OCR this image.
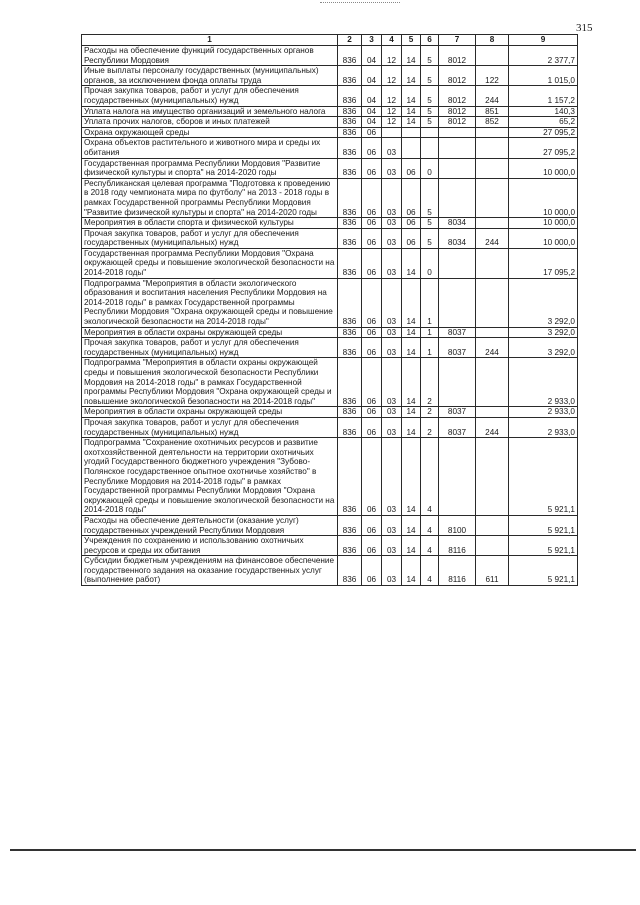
315
1	2	3	4	5	6	7	8	9
Расходы на обеспечение функций государственных органов Республики Мордовия	836	04	12	14	5	8012		2 377,7
Иные выплаты персоналу государственных (муниципальных) органов, за исключением фонда оплаты труда	836	04	12	14	5	8012	122	1 015,0
Прочая закупка товаров, работ и услуг для обеспечения государственных (муниципальных) нужд	836	04	12	14	5	8012	244	1 157,2
Уплата налога на имущество организаций и земельного налога	836	04	12	14	5	8012	851	140,3
Уплата прочих налогов, сборов и иных платежей	836	04	12	14	5	8012	852	65,2
Охрана окружающей среды	836	06						27 095,2
Охрана объектов растительного и животного мира и среды их обитания	836	06	03					27 095,2
Государственная программа Республики Мордовия "Развитие физической культуры и спорта" на 2014-2020 годы	836	06	03	06	0			10 000,0
Республиканская целевая программа "Подготовка к проведению в 2018 году чемпионата мира по футболу" на 2013 - 2018 годы в рамках Государственной программы Республики Мордовия "Развитие физической культуры и спорта" на 2014-2020 годы	836	06	03	06	5			10 000,0
Мероприятия в области спорта и физической культуры	836	06	03	06	5	8034		10 000,0
Прочая закупка товаров, работ и услуг для обеспечения государственных (муниципальных) нужд	836	06	03	06	5	8034	244	10 000,0
Государственная программа Республики Мордовия "Охрана окружающей среды и повышение экологической безопасности на 2014-2018 годы"	836	06	03	14	0			17 095,2
Подпрограмма "Мероприятия в области экологического образования и воспитания населения Республики Мордовия на 2014-2018 годы" в рамках Государственной программы Республики Мордовия "Охрана окружающей среды и повышение экологической безопасности на 2014-2018 годы"	836	06	03	14	1			3 292,0
Мероприятия в области охраны окружающей среды	836	06	03	14	1	8037		3 292,0
Прочая закупка товаров, работ и услуг для обеспечения государственных (муниципальных) нужд	836	06	03	14	1	8037	244	3 292,0
Подпрограмма "Мероприятия в области охраны окружающей среды и повышения экологической безопасности Республики Мордовия на 2014-2018 годы" в рамках Государственной программы Республики Мордовия "Охрана окружающей среды и повышение экологической безопасности на 2014-2018 годы"	836	06	03	14	2			2 933,0
Мероприятия в области охраны окружающей среды	836	06	03	14	2	8037		2 933,0
Прочая закупка товаров, работ и услуг для обеспечения государственных (муниципальных) нужд	836	06	03	14	2	8037	244	2 933,0
Подпрограмма "Сохранение охотничьих ресурсов и развитие охотхозяйственной деятельности на территории охотничьих угодий Государственного бюджетного учреждения "Зубово-Полянское государственное опытное охотничье хозяйство" в Республике Мордовия на 2014-2018 годы" в рамках Государственной программы Республики Мордовия "Охрана окружающей среды и повышение экологической безопасности на 2014-2018 годы"	836	06	03	14	4			5 921,1
Расходы на обеспечение деятельности (оказание услуг) государственных учреждений Республики Мордовия	836	06	03	14	4	8100		5 921,1
Учреждения по сохранению и использованию охотничьих ресурсов и среды их обитания	836	06	03	14	4	8116		5 921,1
Субсидии бюджетным учреждениям на финансовое обеспечение государственного задания на оказание государственных услуг (выполнение работ)	836	06	03	14	4	8116	611	5 921,1
